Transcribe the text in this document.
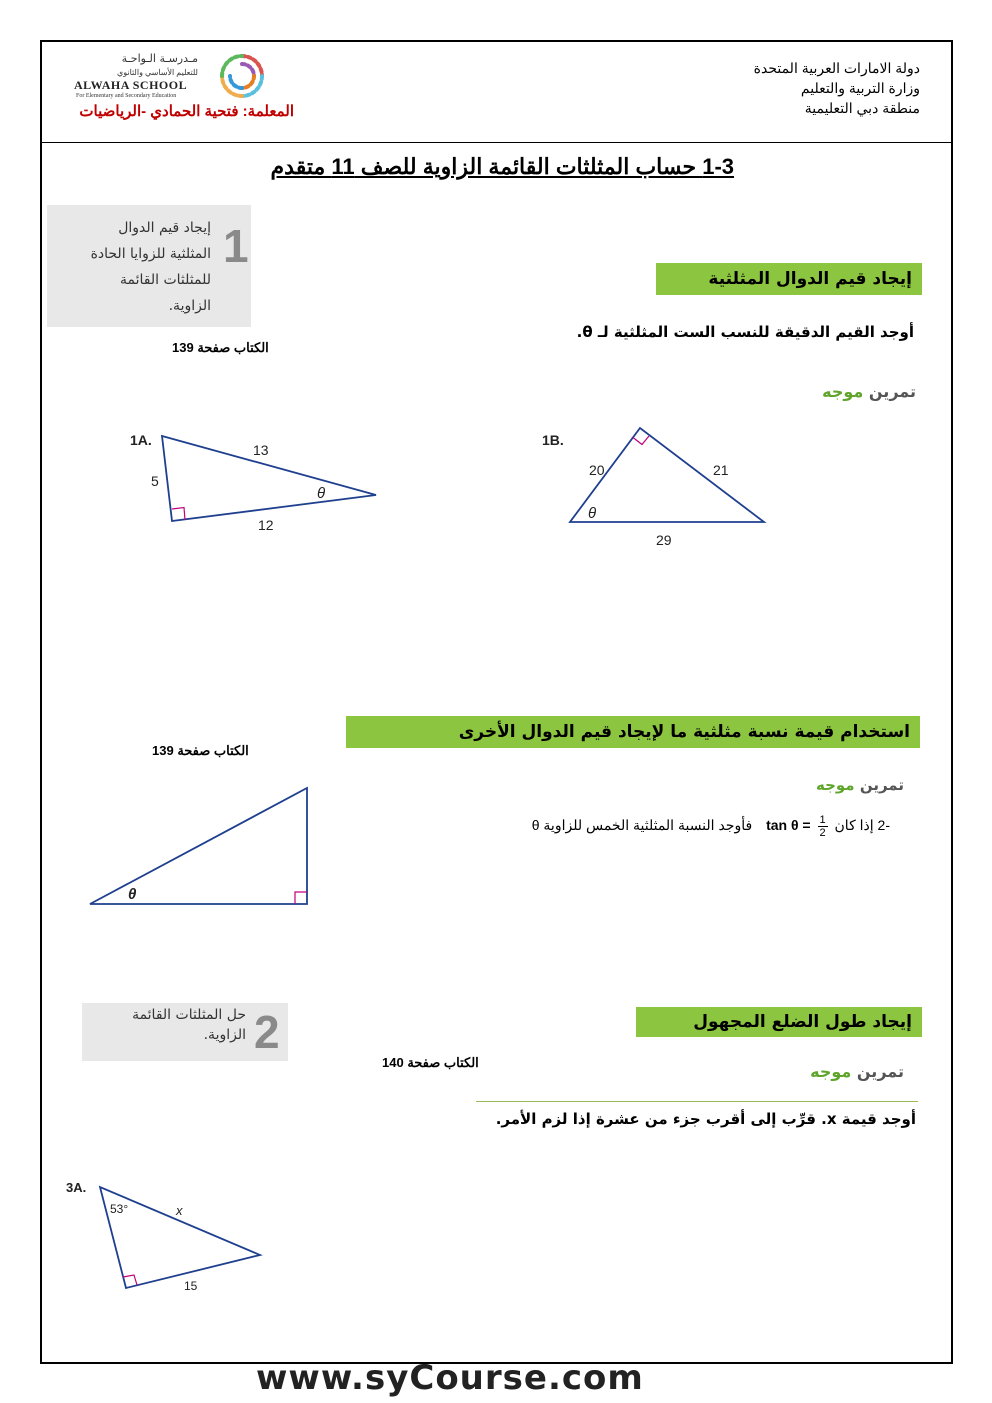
دولة الامارات العربية المتحدة
وزارة التربية والتعليم
منطقة دبي التعليمية
مـدرسـة الـواحـة
للتعليم الأساسي والثانوي
ALWAHA SCHOOL
For Elementary and Secondary Education
المعلمة: فتحية الحمادي -الرياضيات
1-3 حساب المثلثات القائمة الزاوية للصف 11 متقدم
1
إيجاد قيم الدوال
المثلثية للزوايا الحادة
للمثلثات القائمة
الزاوية.
إيجاد قيم الدوال المثلثية
أوجد القيم الدقيقة للنسب الست المثلثية لـ θ.
الكتاب صفحة 139
تمرين موجه
1A.
13
5
12
θ
1B.
20	21
29
θ
استخدام قيمة نسبة مثلثية ما لإيجاد قيم الدوال الأخرى
الكتاب صفحة 139
تمرين موجه
-2 إذا كان
$\frac{1}{2}$
tan θ = فأوجد النسبة المثلثية الخمس للزاوية θ
θ
2
حل المثلثات القائمة
الزاوية.
إيجاد طول الضلع المجهول
الكتاب صفحة 140	تمرين موجه
أوجد قيمة x. قرِّب إلى أقرب جزء من عشرة إذا لزم الأمر.
3A.
53°	x
15
www.syCourse.com
